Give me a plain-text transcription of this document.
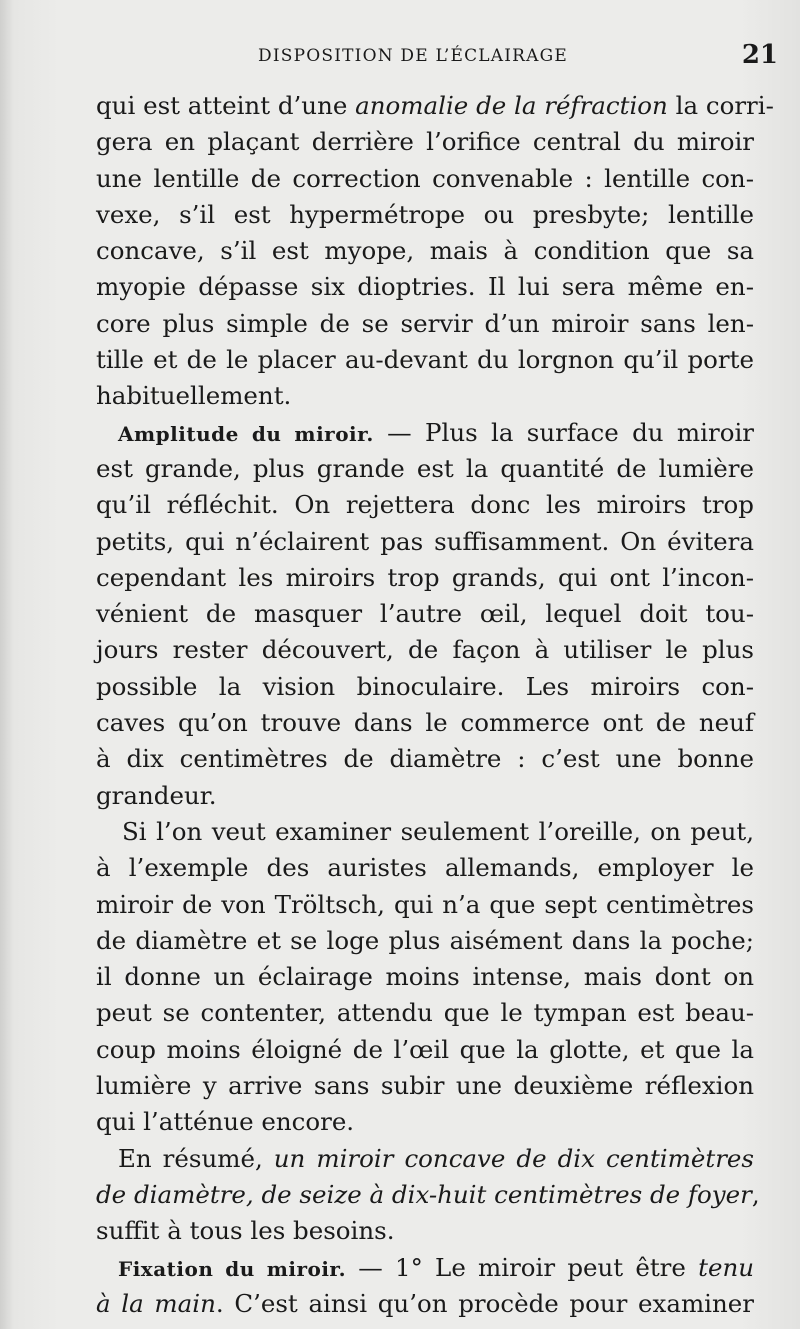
DISPOSITION DE L’ÉCLAIRAGE	21
qui est atteint d’une anomalie de la réfraction la corri-
gera en plaçant derrière l’orifice central du miroir
une lentille de correction convenable : lentille con-
vexe, s’il est hypermétrope ou presbyte; lentille
concave, s’il est myope, mais à condition que sa
myopie dépasse six dioptries. Il lui sera même en-
core plus simple de se servir d’un miroir sans len-
tille et de le placer au-devant du lorgnon qu’il porte
habituellement.
Amplitude du miroir. — Plus la surface du miroir
est grande, plus grande est la quantité de lumière
qu’il réfléchit. On rejettera donc les miroirs trop
petits, qui n’éclairent pas suffisamment. On évitera
cependant les miroirs trop grands, qui ont l’incon-
vénient de masquer l’autre œil, lequel doit tou-
jours rester découvert, de façon à utiliser le plus
possible la vision binoculaire. Les miroirs con-
caves qu’on trouve dans le commerce ont de neuf
à dix centimètres de diamètre : c’est une bonne
grandeur.
Si l’on veut examiner seulement l’oreille, on peut,
à l’exemple des auristes allemands, employer le
miroir de von Tröltsch, qui n’a que sept centimètres
de diamètre et se loge plus aisément dans la poche;
il donne un éclairage moins intense, mais dont on
peut se contenter, attendu que le tympan est beau-
coup moins éloigné de l’œil que la glotte, et que la
lumière y arrive sans subir une deuxième réflexion
qui l’atténue encore.
En résumé, un miroir concave de dix centimètres
de diamètre, de seize à dix-huit centimètres de foyer,
suffit à tous les besoins.
Fixation du miroir. — 1° Le miroir peut être tenu
à la main. C’est ainsi qu’on procède pour examiner
